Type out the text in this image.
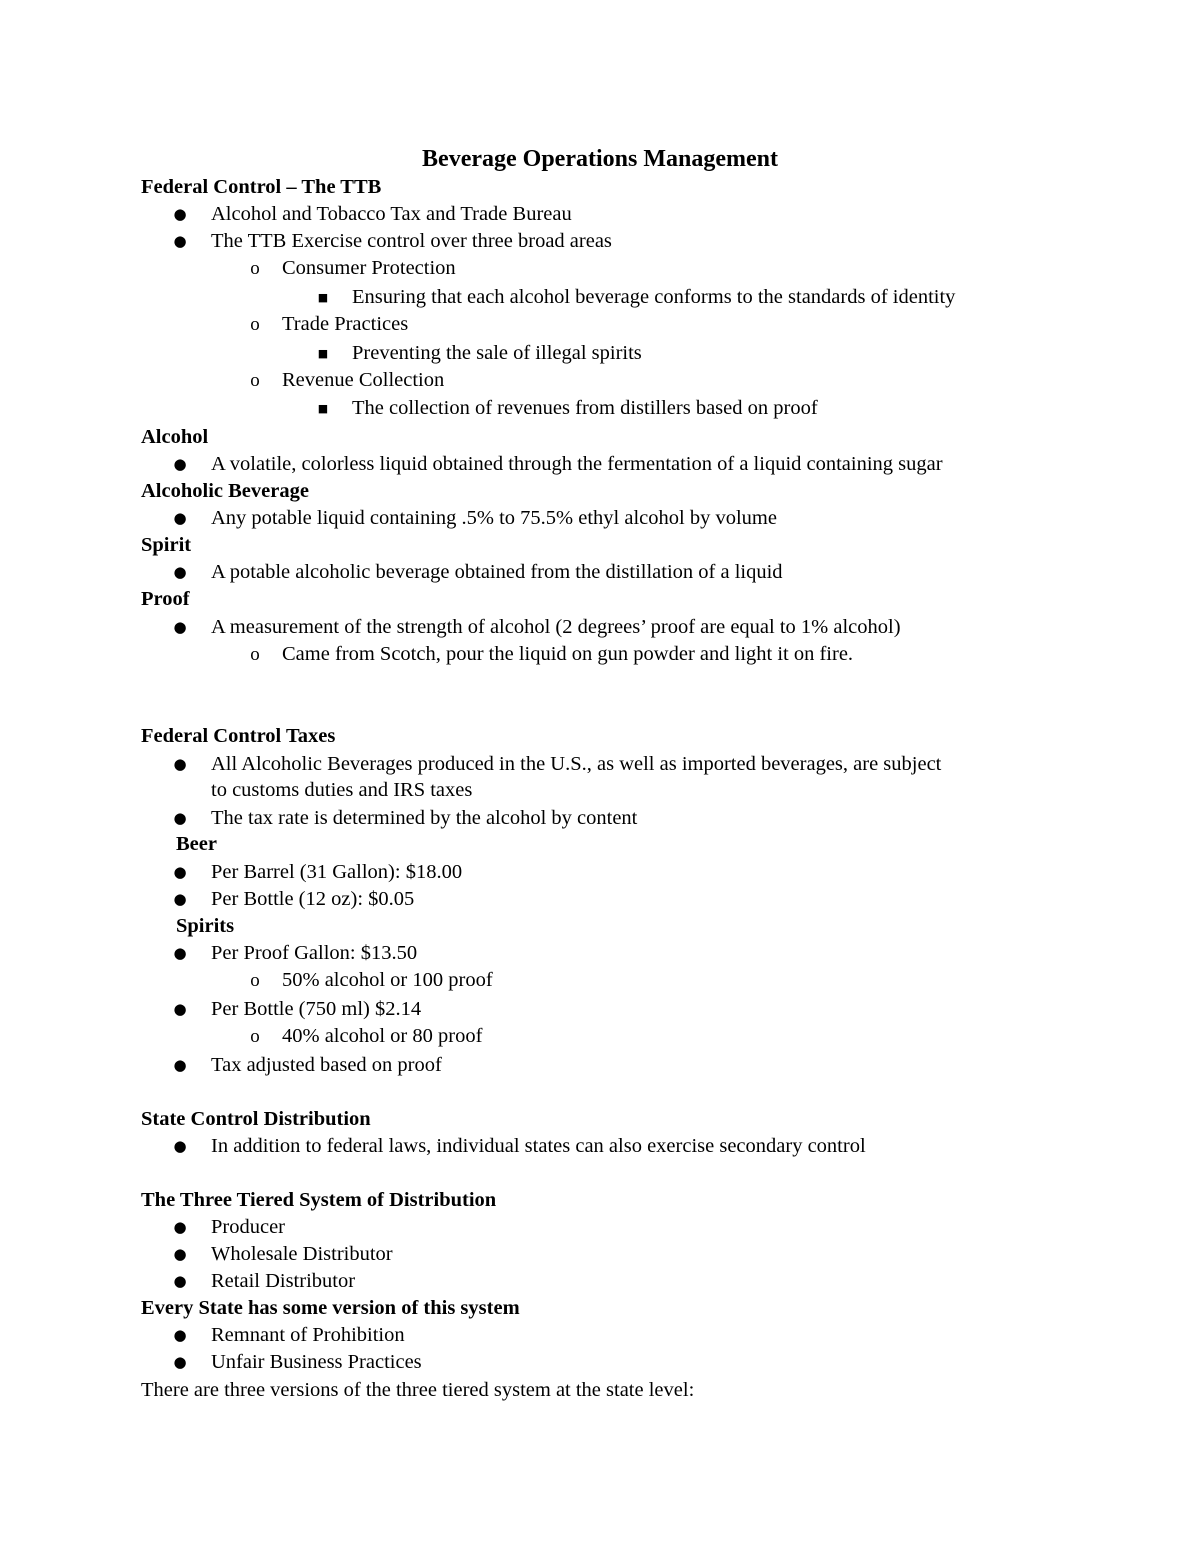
Beverage Operations Management
Federal Control – The TTB
● Alcohol and Tobacco Tax and Trade Bureau
● The TTB Exercise control over three broad areas
o	Consumer Protection
■ Ensuring that each alcohol beverage conforms to the standards of identity
o	Trade Practices
■ Preventing the sale of illegal spirits
o	Revenue Collection
■ The collection of revenues from distillers based on proof
Alcohol
● A volatile, colorless liquid obtained through the fermentation of a liquid containing sugar
Alcoholic Beverage
● Any potable liquid containing .5% to 75.5% ethyl alcohol by volume
Spirit
● A potable alcoholic beverage obtained from the distillation of a liquid
Proof
● A measurement of the strength of alcohol (2 degrees’ proof are equal to 1% alcohol)
o	Came from Scotch, pour the liquid on gun powder and light it on fire.
Federal Control Taxes
● All Alcoholic Beverages produced in the U.S., as well as imported beverages, are subject
to customs duties and IRS taxes
● The tax rate is determined by the alcohol by content
Beer
● Per Barrel (31 Gallon): $18.00
● Per Bottle (12 oz): $0.05
Spirits
● Per Proof Gallon: $13.50
o	50% alcohol or 100 proof
● Per Bottle (750 ml) $2.14
o	40% alcohol or 80 proof
● Tax adjusted based on proof
State Control Distribution
● In addition to federal laws, individual states can also exercise secondary control
The Three Tiered System of Distribution
● Producer
● Wholesale Distributor
● Retail Distributor
Every State has some version of this system
● Remnant of Prohibition
● Unfair Business Practices
There are three versions of the three tiered system at the state level:
